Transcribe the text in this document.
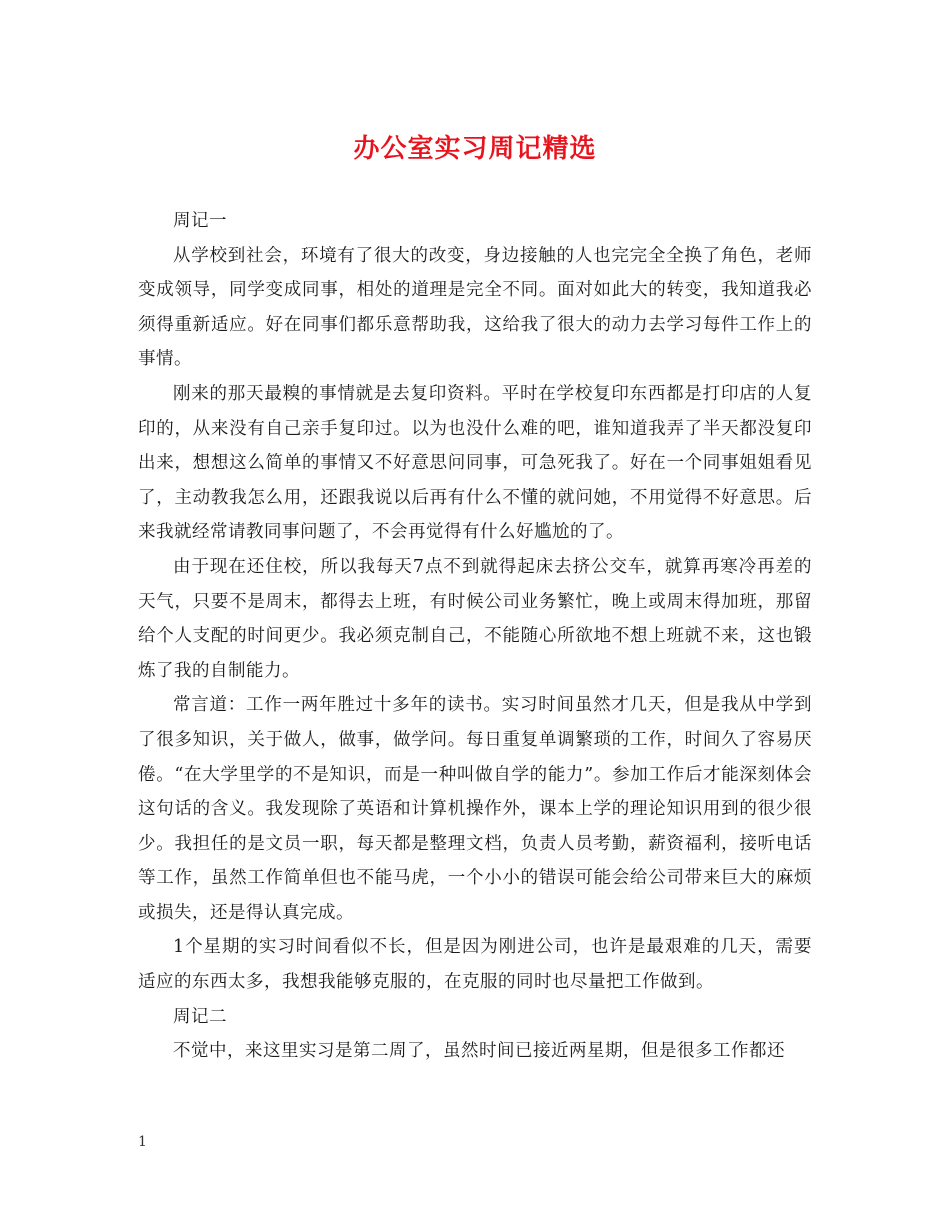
办公室实习周记精选

周记一

从学校到社会，环境有了很大的改变，身边接触的人也完完全全换了角色，老师变成领导，同学变成同事，相处的道理是完全不同。面对如此大的转变，我知道我必须得重新适应。好在同事们都乐意帮助我，这给我了很大的动力去学习每件工作上的事情。

刚来的那天最糗的事情就是去复印资料。平时在学校复印东西都是打印店的人复印的，从来没有自己亲手复印过。以为也没什么难的吧，谁知道我弄了半天都没复印出来，想想这么简单的事情又不好意思问同事，可急死我了。好在一个同事姐姐看见了，主动教我怎么用，还跟我说以后再有什么不懂的就问她，不用觉得不好意思。后来我就经常请教同事问题了，不会再觉得有什么好尴尬的了。

由于现在还住校，所以我每天7点不到就得起床去挤公交车，就算再寒冷再差的天气，只要不是周末，都得去上班，有时候公司业务繁忙，晚上或周末得加班，那留给个人支配的时间更少。我必须克制自己，不能随心所欲地不想上班就不来，这也锻炼了我的自制能力。

常言道：工作一两年胜过十多年的读书。实习时间虽然才几天，但是我从中学到了很多知识，关于做人，做事，做学问。每日重复单调繁琐的工作，时间久了容易厌倦。“在大学里学的不是知识，而是一种叫做自学的能力”。参加工作后才能深刻体会这句话的含义。我发现除了英语和计算机操作外，课本上学的理论知识用到的很少很少。我担任的是文员一职，每天都是整理文档，负责人员考勤，薪资福利，接听电话等工作，虽然工作简单但也不能马虎，一个小小的错误可能会给公司带来巨大的麻烦或损失，还是得认真完成。

1个星期的实习时间看似不长，但是因为刚进公司，也许是最艰难的几天，需要适应的东西太多，我想我能够克服的，在克服的同时也尽量把工作做到。

周记二

不觉中，来这里实习是第二周了，虽然时间已接近两星期，但是很多工作都还

1
